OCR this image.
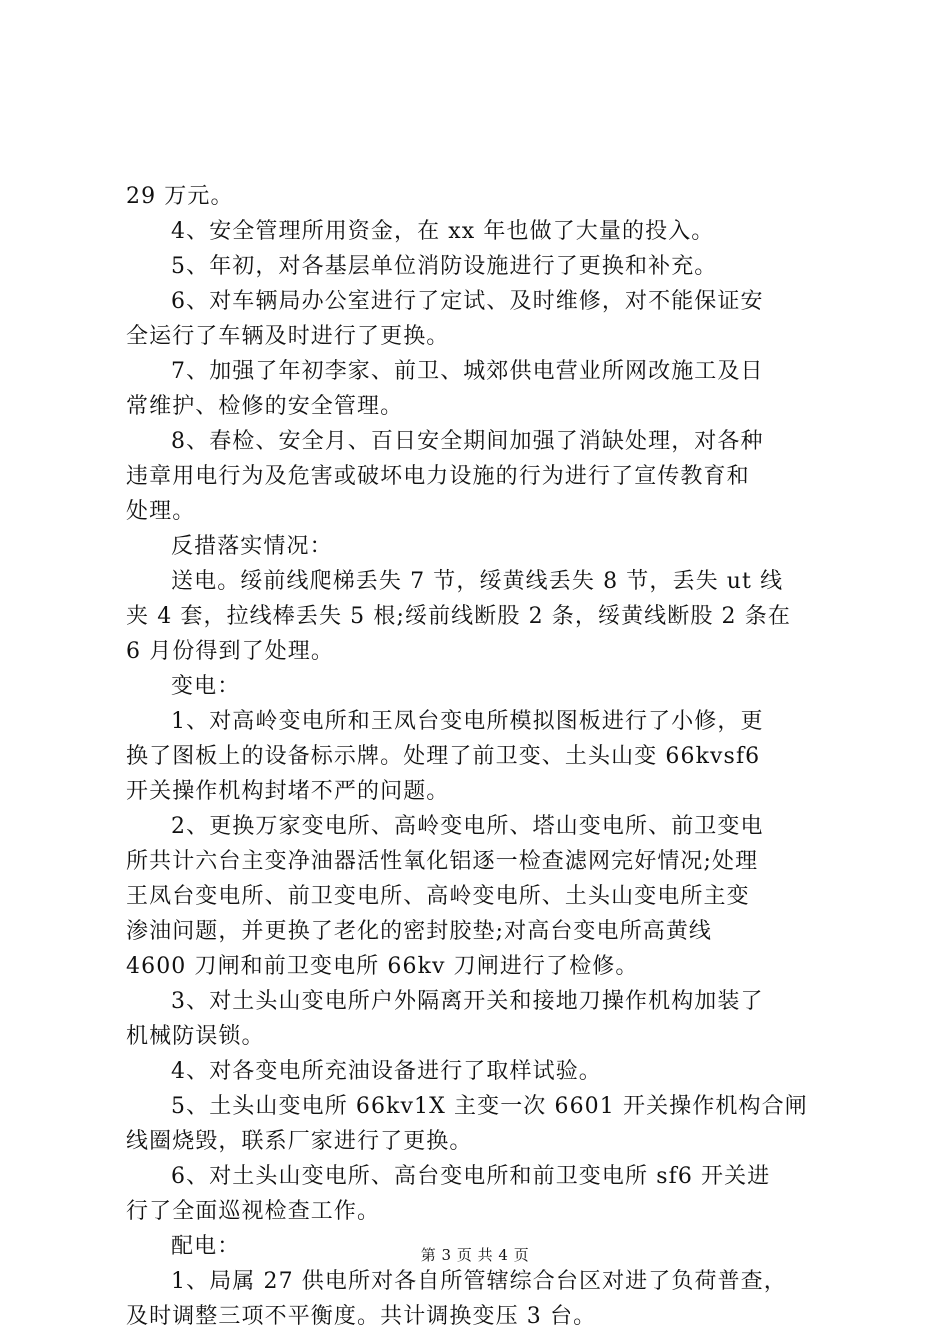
29 万元。
4、安全管理所用资金，在 xx 年也做了大量的投入。
5、年初，对各基层单位消防设施进行了更换和补充。
6、对车辆局办公室进行了定试、及时维修，对不能保证安
全运行了车辆及时进行了更换。
7、加强了年初李家、前卫、城郊供电营业所网改施工及日
常维护、检修的安全管理。
8、春检、安全月、百日安全期间加强了消缺处理，对各种
违章用电行为及危害或破坏电力设施的行为进行了宣传教育和
处理。
反措落实情况：
送电。绥前线爬梯丢失 7 节，绥黄线丢失 8 节，丢失 ut 线
夹 4 套，拉线棒丢失 5 根;绥前线断股 2 条，绥黄线断股 2 条在
6 月份得到了处理。
变电：
1、对高岭变电所和王凤台变电所模拟图板进行了小修，更
换了图板上的设备标示牌。处理了前卫变、土头山变 66kvsf6
开关操作机构封堵不严的问题。
2、更换万家变电所、高岭变电所、塔山变电所、前卫变电
所共计六台主变净油器活性氧化铝逐一检查滤网完好情况;处理
王凤台变电所、前卫变电所、高岭变电所、土头山变电所主变
渗油问题，并更换了老化的密封胶垫;对高台变电所高黄线
4600 刀闸和前卫变电所 66kv 刀闸进行了检修。
3、对土头山变电所户外隔离开关和接地刀操作机构加装了
机械防误锁。
4、对各变电所充油设备进行了取样试验。
5、土头山变电所 66kv1X 主变一次 6601 开关操作机构合闸
线圈烧毁，联系厂家进行了更换。
6、对土头山变电所、高台变电所和前卫变电所 sf6 开关进
行了全面巡视检查工作。
配电：
1、局属 27 供电所对各自所管辖综合台区对进了负荷普查，
及时调整三项不平衡度。共计调换变压 3 台。
第 3 页 共 4 页
